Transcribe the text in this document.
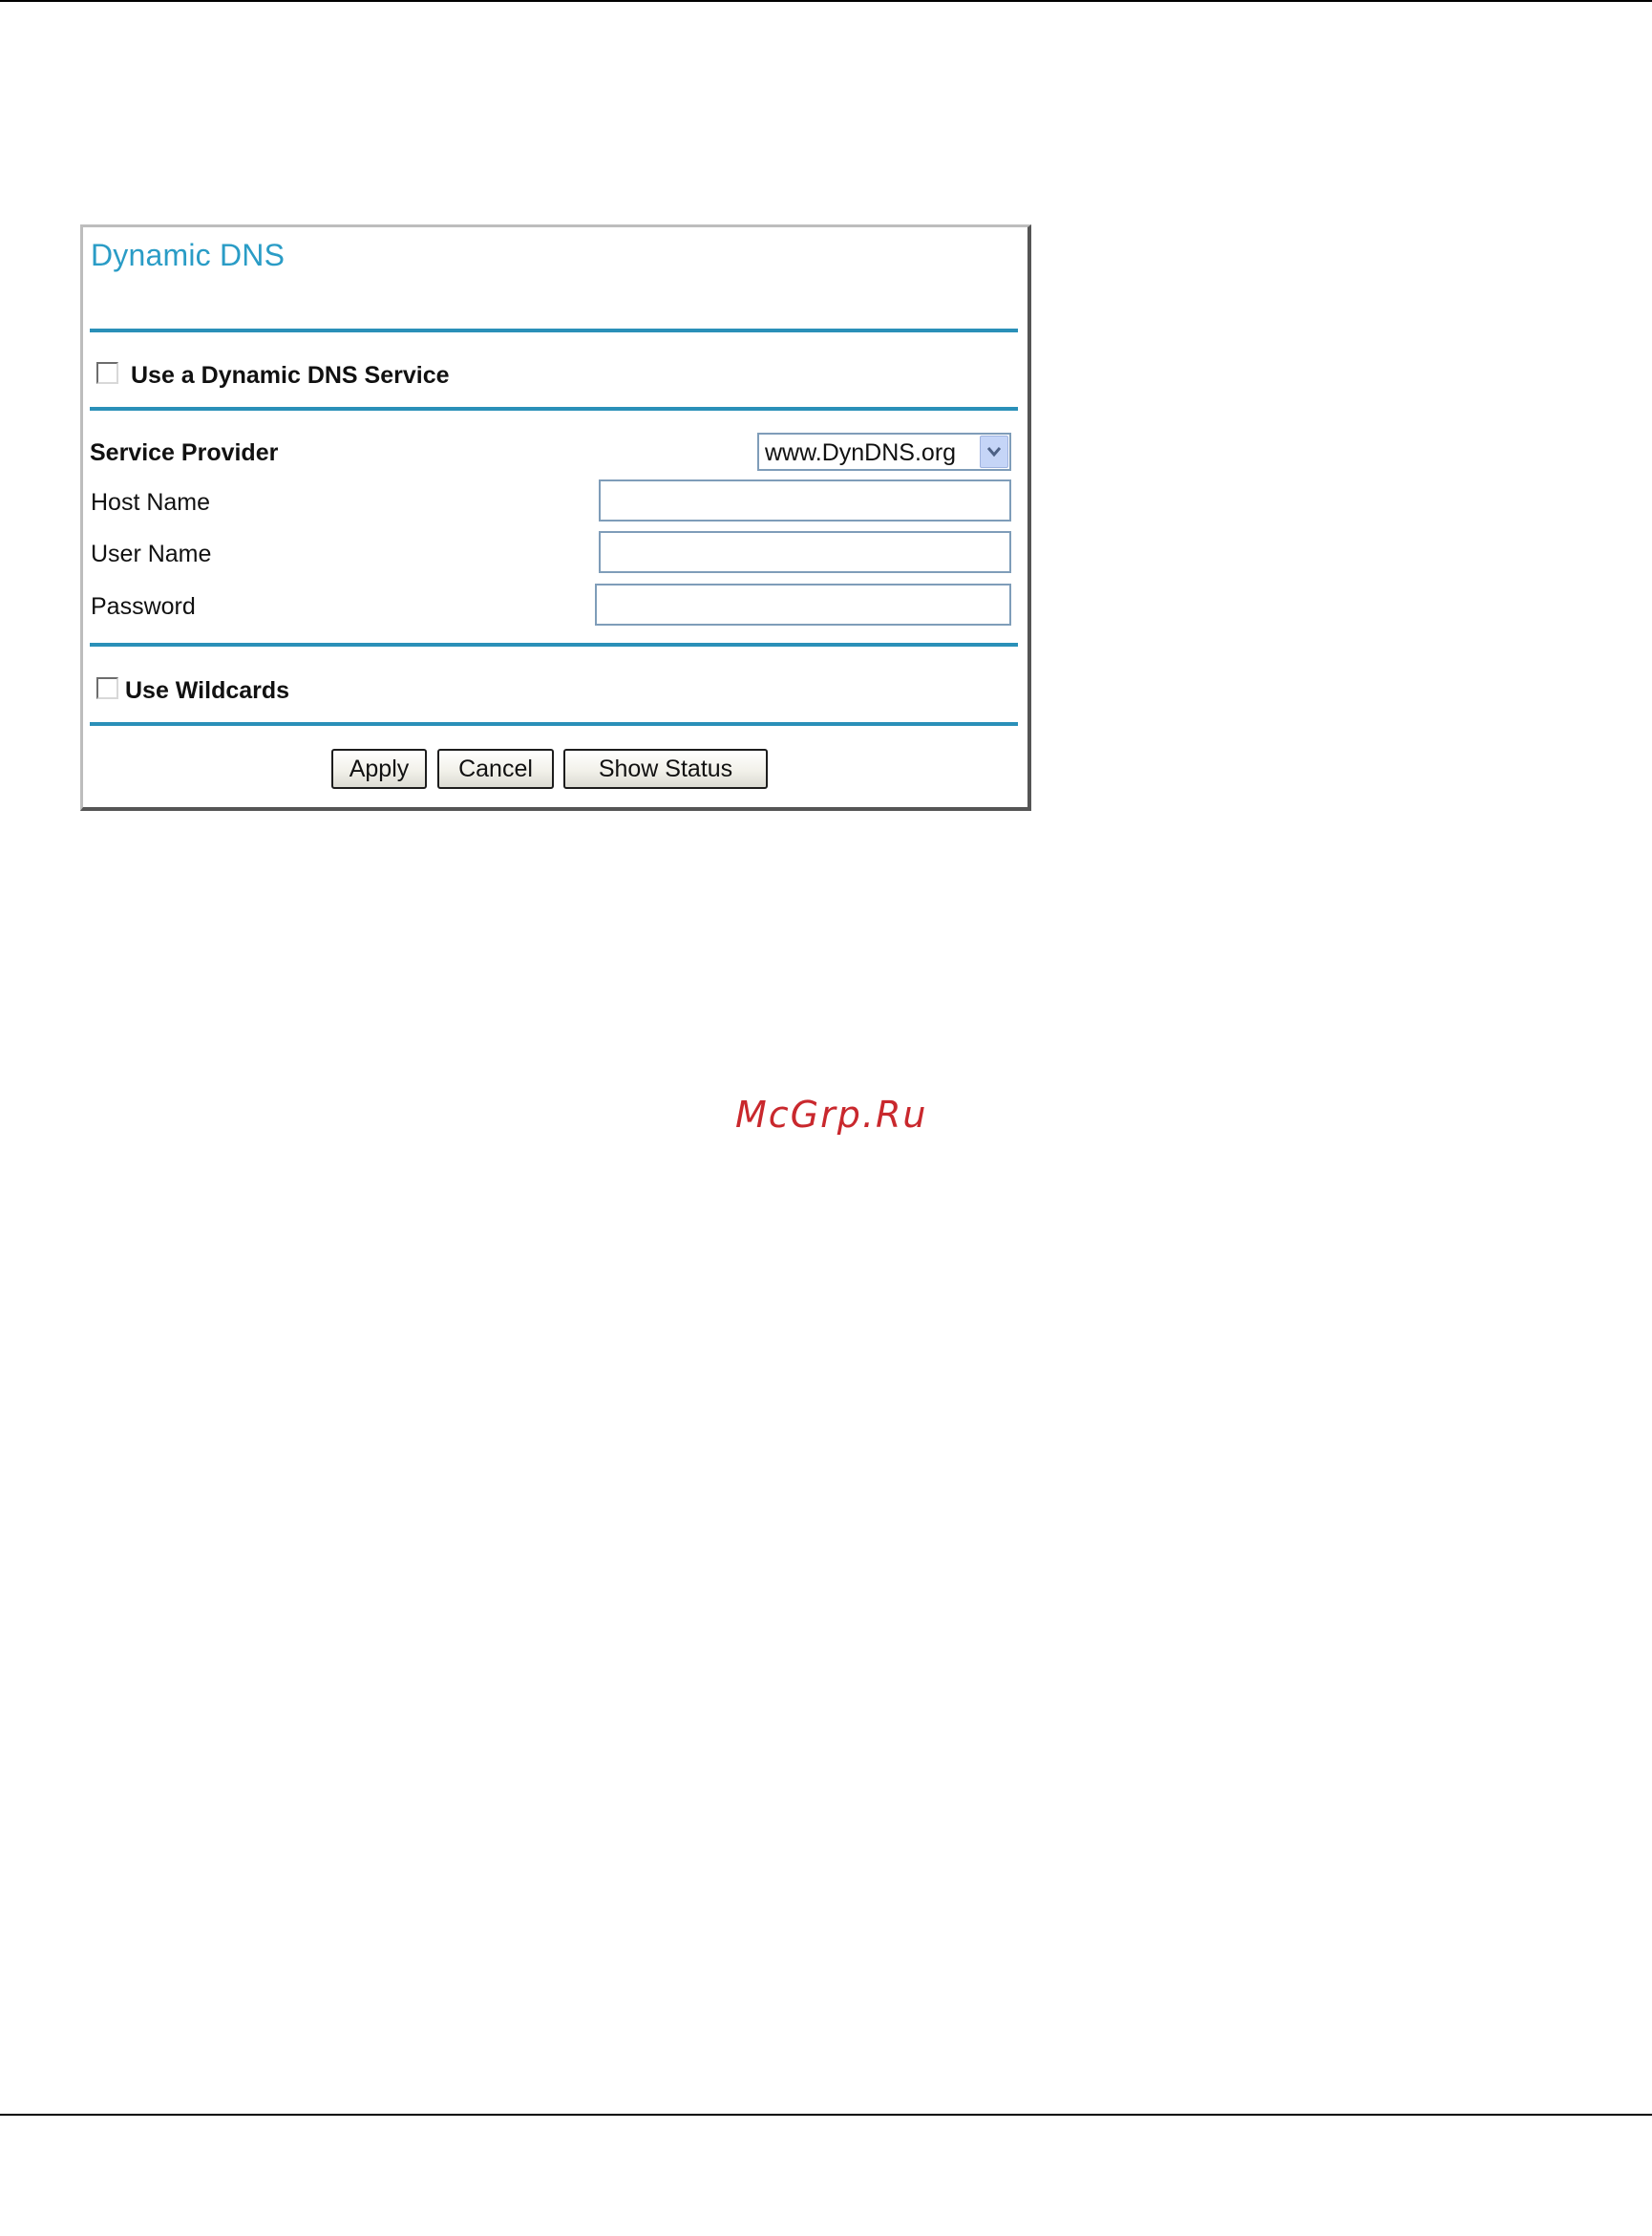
Dynamic DNS
Use a Dynamic DNS Service
Service Provider	www.DynDNS.org
Host Name
User Name
Password
Use Wildcards
Apply	Cancel	Show Status
McGrp.Ru
